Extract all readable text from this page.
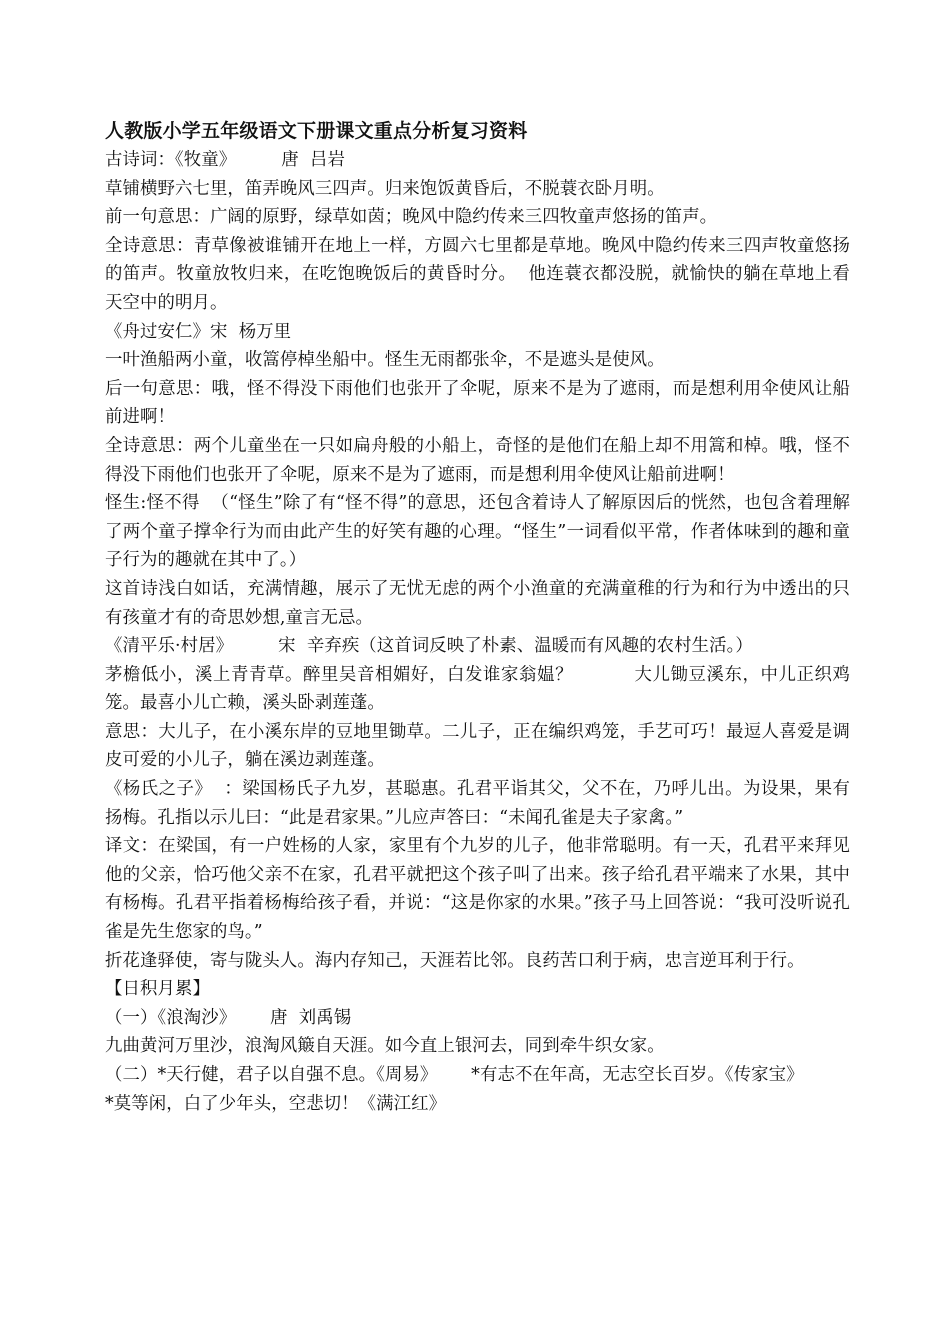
人教版小学五年级语文下册课文重点分析复习资料

古诗词：《牧童》        唐  吕岩

草铺横野六七里，笛弄晚风三四声。归来饱饭黄昏后，不脱蓑衣卧月明。

前一句意思：广阔的原野，绿草如茵；晚风中隐约传来三四牧童声悠扬的笛声。

全诗意思：青草像被谁铺开在地上一样，方圆六七里都是草地。晚风中隐约传来三四声牧童悠扬的笛声。牧童放牧归来，在吃饱晚饭后的黄昏时分。  他连蓑衣都没脱，就愉快的躺在草地上看天空中的明月。

《舟过安仁》宋  杨万里

一叶渔船两小童，收篙停棹坐船中。怪生无雨都张伞，不是遮头是使风。

后一句意思：哦，怪不得没下雨他们也张开了伞呢，原来不是为了遮雨，而是想利用伞使风让船前进啊！

全诗意思：两个儿童坐在一只如扁舟般的小船上，奇怪的是他们在船上却不用篙和棹。哦，怪不得没下雨他们也张开了伞呢，原来不是为了遮雨，而是想利用伞使风让船前进啊！

怪生:怪不得  （“怪生”除了有“怪不得”的意思，还包含着诗人了解原因后的恍然，也包含着理解了两个童子撑伞行为而由此产生的好笑有趣的心理。“怪生”一词看似平常，作者体味到的趣和童子行为的趣就在其中了。）

这首诗浅白如话，充满情趣，展示了无忧无虑的两个小渔童的充满童稚的行为和行为中透出的只有孩童才有的奇思妙想,童言无忌。

《清平乐·村居》        宋  辛弃疾（这首词反映了朴素、温暖而有风趣的农村生活。）

茅檐低小，溪上青青草。醉里吴音相媚好，白发谁家翁媪？          大儿锄豆溪东，中儿正织鸡笼。最喜小儿亡赖，溪头卧剥莲蓬。

意思：大儿子，在小溪东岸的豆地里锄草。二儿子，正在编织鸡笼，手艺可巧！最逗人喜爱是调皮可爱的小儿子，躺在溪边剥莲蓬。

《杨氏之子》  ：梁国杨氏子九岁，甚聪惠。孔君平诣其父，父不在，乃呼儿出。为设果，果有扬梅。孔指以示儿曰：“此是君家果。”儿应声答曰：“未闻孔雀是夫子家禽。”

译文：在梁国，有一户姓杨的人家，家里有个九岁的儿子，他非常聪明。有一天，孔君平来拜见他的父亲，恰巧他父亲不在家，孔君平就把这个孩子叫了出来。孩子给孔君平端来了水果，其中有杨梅。孔君平指着杨梅给孩子看，并说：“这是你家的水果。”孩子马上回答说：“我可没听说孔雀是先生您家的鸟。”

折花逢驿使，寄与陇头人。海内存知己，天涯若比邻。良药苦口利于病，忠言逆耳利于行。

【日积月累】

（一）《浪淘沙》      唐  刘禹锡

九曲黄河万里沙，浪淘风簸自天涯。如今直上银河去，同到牵牛织女家。

（二）*天行健，君子以自强不息。《周易》      *有志不在年高，无志空长百岁。《传家宝》

*莫等闲，白了少年头，空悲切！《满江红》
